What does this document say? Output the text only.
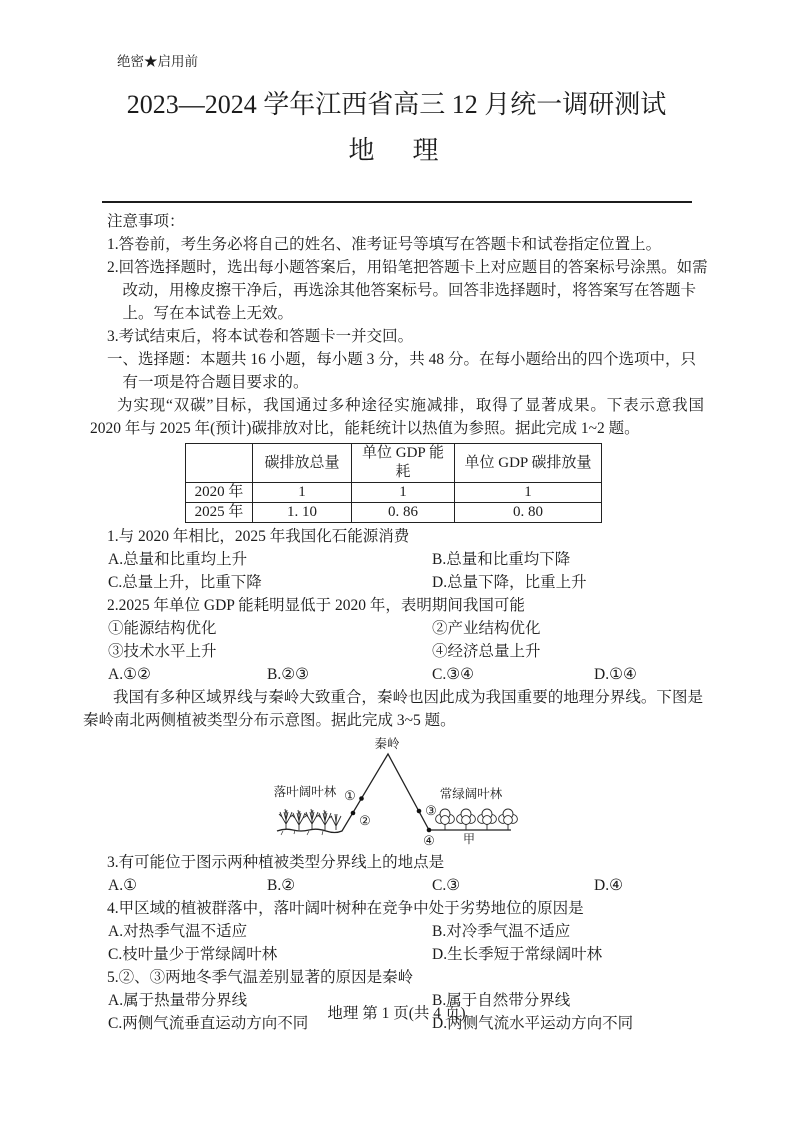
绝密★启用前
2023—2024 学年江西省高三 12 月统一调研测试
地　理
注意事项：
1.答卷前，考生务必将自己的姓名、准考证号等填写在答题卡和试卷指定位置上。
2.回答选择题时，选出每小题答案后，用铅笔把答题卡上对应题目的答案标号涂黑。如需改动，用橡皮擦干净后，再选涂其他答案标号。回答非选择题时，将答案写在答题卡上。写在本试卷上无效。
3.考试结束后，将本试卷和答题卡一并交回。
一、选择题：本题共 16 小题，每小题 3 分，共 48 分。在每小题给出的四个选项中，只有一项是符合题目要求的。
为实现“双碳”目标，我国通过多种途径实施减排，取得了显著成果。下表示意我国 2020 年与 2025 年(预计)碳排放对比，能耗统计以热值为参照。据此完成 1~2 题。
	碳排放总量	单位 GDP 能耗	单位 GDP 碳排放量
2020 年	1	1	1
2025 年	1. 10	0. 86	0. 80
1.与 2020 年相比，2025 年我国化石能源消费
A.总量和比重均上升	B.总量和比重均下降
C.总量上升，比重下降	D.总量下降，比重上升
2.2025 年单位 GDP 能耗明显低于 2020 年，表明期间我国可能
①能源结构优化	②产业结构优化
③技术水平上升	④经济总量上升
A.①②	B.②③	C.③④	D.①④
我国有多种区域界线与秦岭大致重合，秦岭也因此成为我国重要的地理分界线。下图是秦岭南北两侧植被类型分布示意图。据此完成 3~5 题。
秦岭
落叶阔叶林	常绿阔叶林
①
②
③
④ 甲
3.有可能位于图示两种植被类型分界线上的地点是
A.①	B.②	C.③	D.④
4.甲区域的植被群落中，落叶阔叶树种在竞争中处于劣势地位的原因是
A.对热季气温不适应	B.对冷季气温不适应
C.枝叶量少于常绿阔叶林	D.生长季短于常绿阔叶林
5.②、③两地冬季气温差别显著的原因是秦岭
A.属于热量带分界线	B.属于自然带分界线
C.两侧气流垂直运动方向不同	D.两侧气流水平运动方向不同
地理 第 1 页(共 4 页)
